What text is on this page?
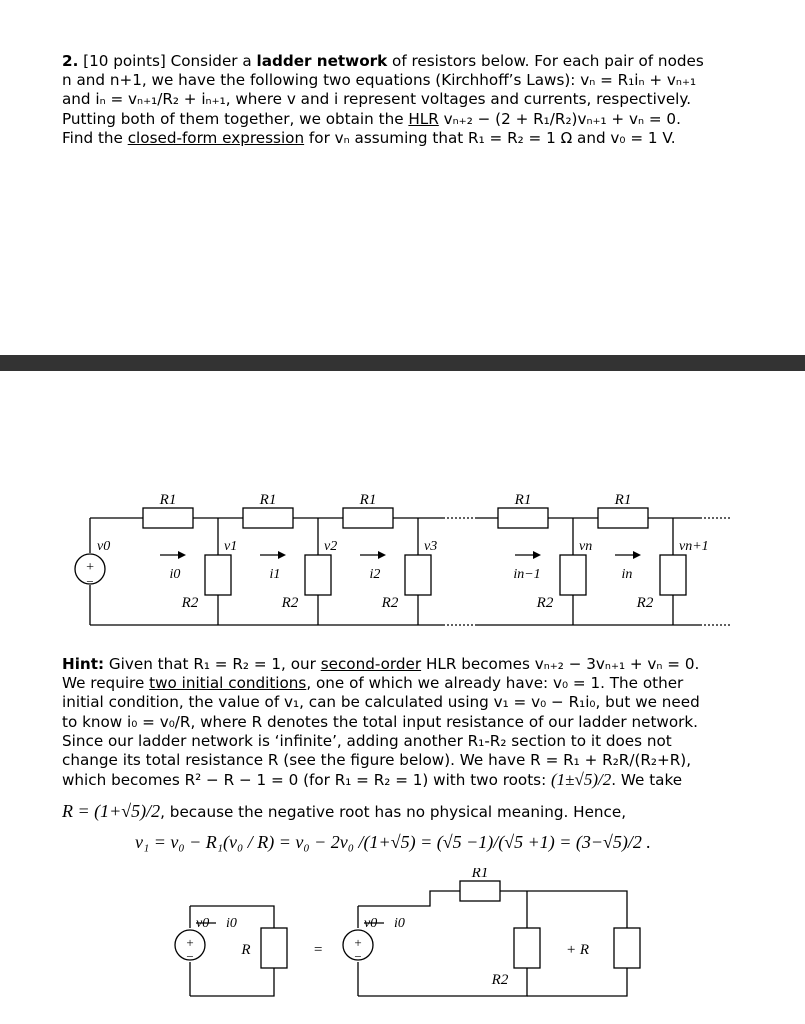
2. [10 points] Consider a ladder network of resistors below. For each pair of nodes

n and n+1, we have the following two equations (Kirchhoff’s Laws): vₙ = R₁iₙ + vₙ₊₁

and iₙ = vₙ₊₁/R₂ + iₙ₊₁, where v and i represent voltages and currents, respectively.

Putting both of them together, we obtain the HLR vₙ₊₂ − (2 + R₁/R₂)vₙ₊₁ + vₙ = 0.

Find the closed-form expression for vₙ assuming that R₁ = R₂ = 1 Ω and v₀ = 1 V.

+
−
R1	R1	R1	R1	R1
R2	R2	R2	R2	R2
v0	v1	v2	v3	vn	vn+1
i0	i1	i2	in−1	in

Hint: Given that R₁ = R₂ = 1, our second-order HLR becomes vₙ₊₂ − 3vₙ₊₁ + vₙ = 0.

We require two initial conditions, one of which we already have: v₀ = 1. The other

initial condition, the value of v₁, can be calculated using v₁ = v₀ − R₁i₀, but we need

to know i₀ = v₀/R, where R denotes the total input resistance of our ladder network.

Since our ladder network is ‘infinite’, adding another R₁-R₂ section to it does not

change its total resistance R (see the figure below). We have R = R₁ + R₂R/(R₂+R),

which becomes R² − R − 1 = 0 (for R₁ = R₂ = 1) with two roots: (1±√5)/2. We take

R = (1+√5)/2, because the negative root has no physical meaning. Hence,
v₁ = v₀ − R₁(v₀ / R) = v₀ − 2v₀ /(1+√5) = (√5 −1)/(√5 +1) = (3−√5)/2 .
+
−
+
−
v0 i0
R	=
v0 i0
R1
R2
+ R
